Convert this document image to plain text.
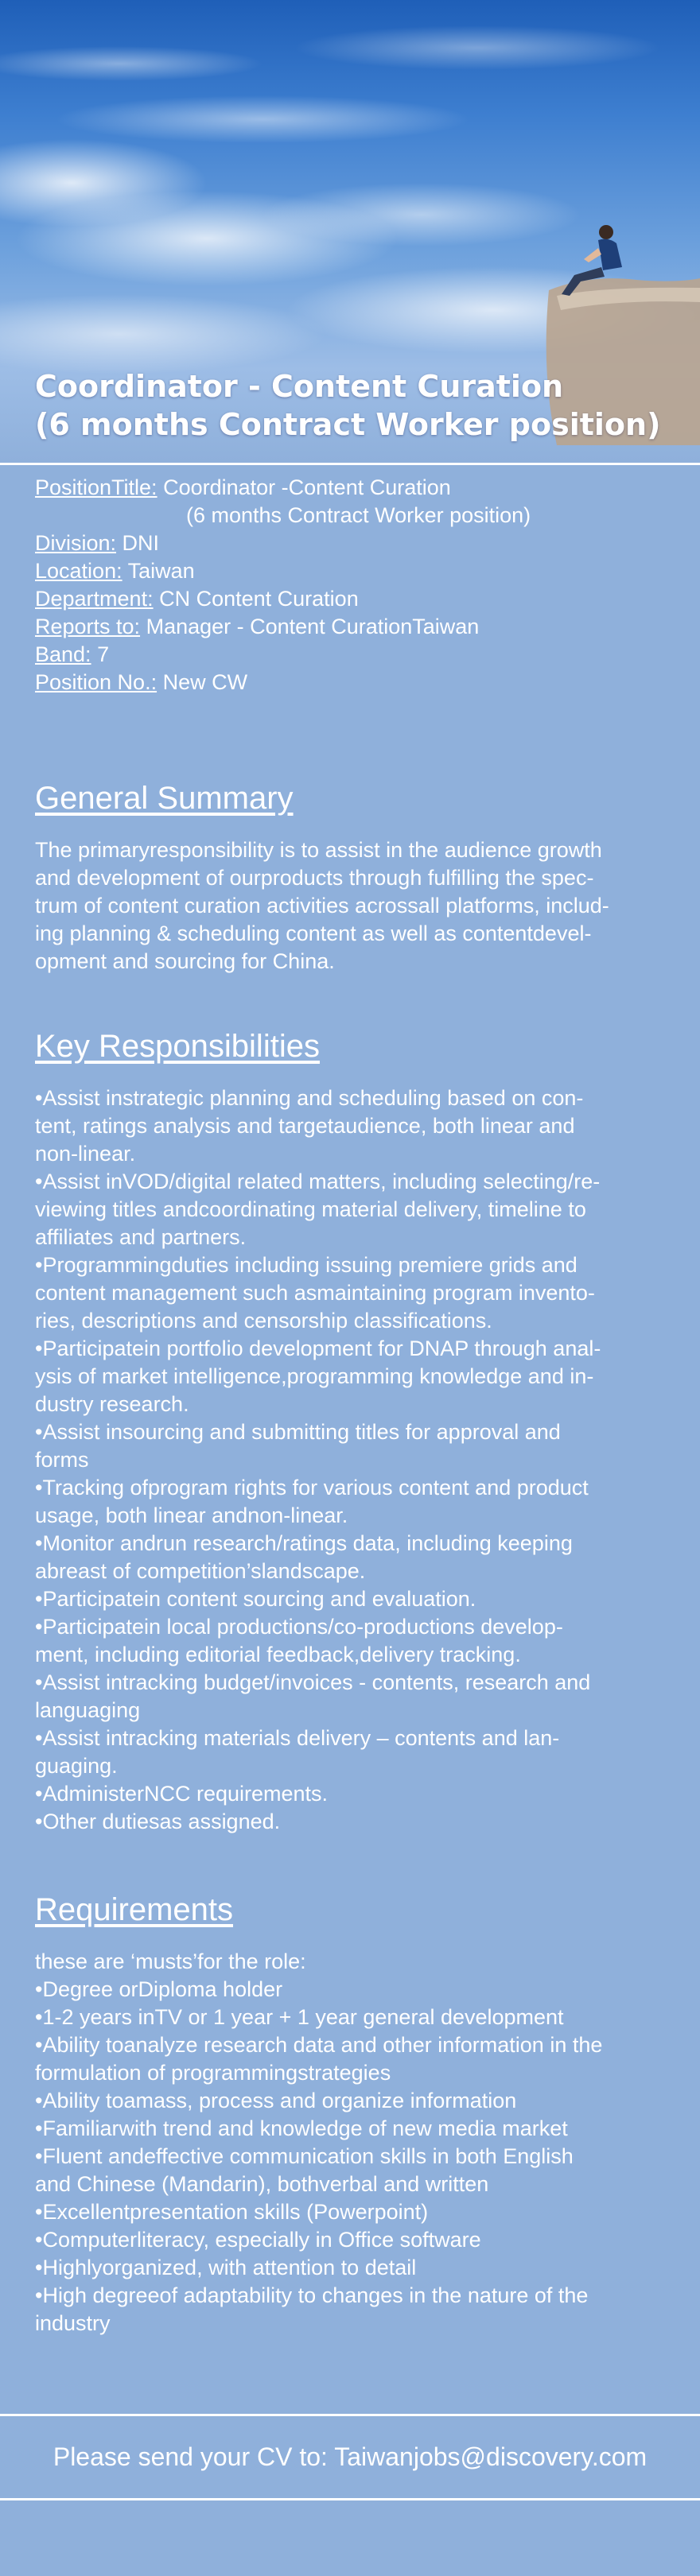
Coordinator - Content Curation
(6 months Contract Worker position)
PositionTitle: Coordinator -Content Curation
(6 months Contract Worker position)
Division: DNI
Location: Taiwan
Department: CN Content Curation
Reports to: Manager - Content CurationTaiwan
Band: 7
Position No.: New CW
General Summary
The primaryresponsibility is to assist in the audience growth
and development of ourproducts through fulfilling the spec-
trum of content curation activities acrossall platforms, includ-
ing planning & scheduling content as well as contentdevel-
opment and sourcing for China.
Key Responsibilities
• Assist instrategic planning and scheduling based on con-
tent, ratings analysis and targetaudience, both linear and
non-linear.
• Assist inVOD/digital related matters, including selecting/re-
viewing titles andcoordinating material delivery, timeline to
affiliates and partners.
• Programmingduties including issuing premiere grids and
content management such asmaintaining program invento-
ries, descriptions and censorship classifications.
• Participatein portfolio development for DNAP through anal-
ysis of market intelligence,programming knowledge and in-
dustry research.
• Assist insourcing and submitting titles for approval and
forms
• Tracking ofprogram rights for various content and product
usage, both linear andnon-linear.
• Monitor andrun research/ratings data, including keeping
abreast of competition’slandscape.
• Participatein content sourcing and evaluation.
• Participatein local productions/co-productions develop-
ment, including editorial feedback,delivery tracking.
• Assist intracking budget/invoices - contents, research and
languaging
• Assist intracking materials delivery – contents and lan-
guaging.
• AdministerNCC requirements.
• Other dutiesas assigned.
Requirements
these are ‘musts’for the role:
• Degree orDiploma holder
• 1-2 years inTV or 1 year + 1 year general development
• Ability toanalyze research data and other information in the
formulation of programmingstrategies
• Ability toamass, process and organize information
• Familiarwith trend and knowledge of new media market
• Fluent andeffective communication skills in both English
and Chinese (Mandarin), bothverbal and written
• Excellentpresentation skills (Powerpoint)
• Computerliteracy, especially in Office software
• Highlyorganized, with attention to detail
• High degreeof adaptability to changes in the nature of the
industry
Please send your CV to: Taiwanjobs@discovery.com
